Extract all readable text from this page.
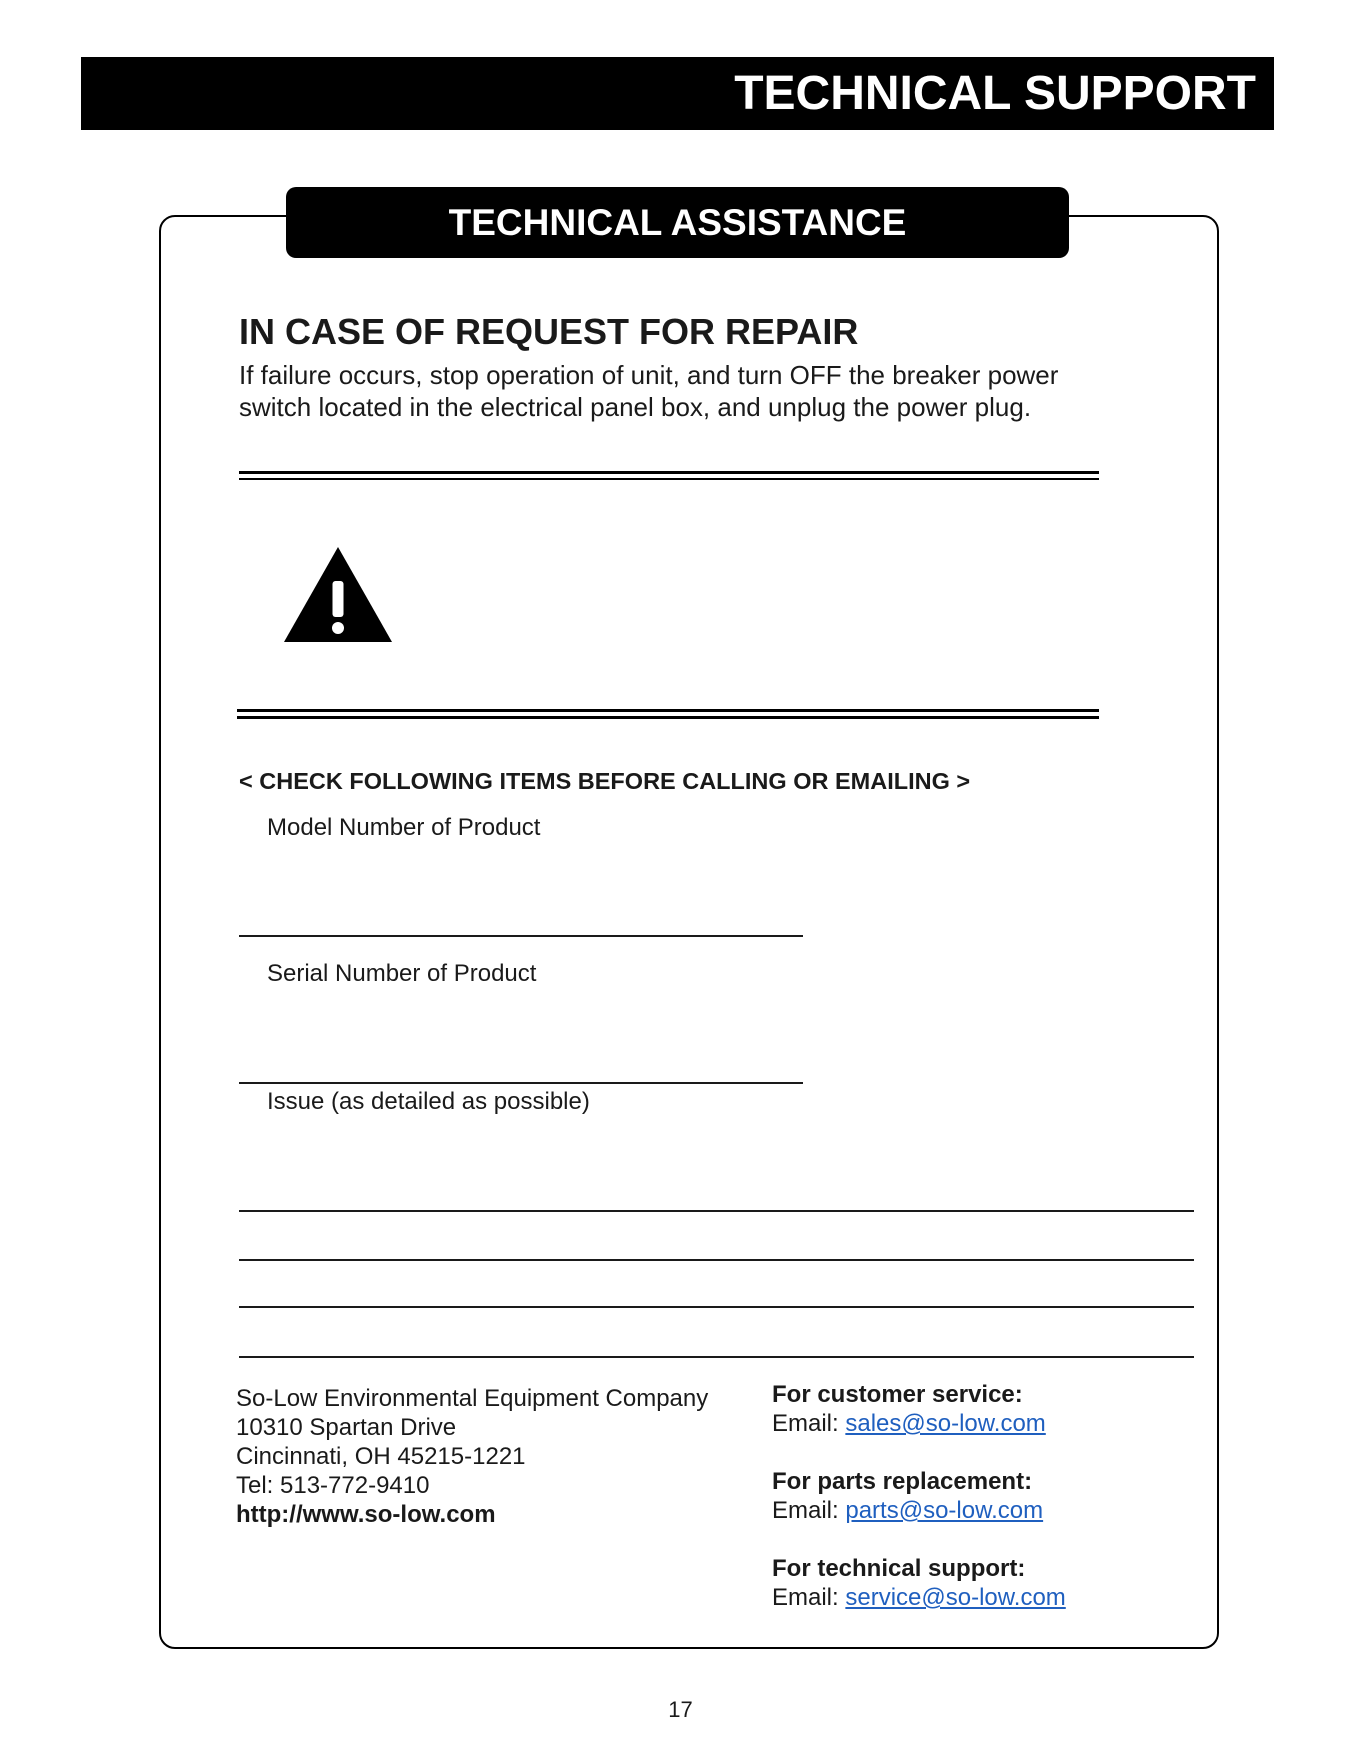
TECHNICAL SUPPORT
TECHNICAL ASSISTANCE
IN CASE OF REQUEST FOR REPAIR
If failure occurs, stop operation of unit, and turn OFF the breaker power
switch located in the electrical panel box, and unplug the power plug.
< CHECK FOLLOWING ITEMS BEFORE CALLING OR EMAILING >
Model Number of Product
Serial Number of Product
Issue (as detailed as possible)
So-Low Environmental Equipment Company
10310 Spartan Drive
Cincinnati, OH 45215-1221
Tel: 513-772-9410
http://www.so-low.com
For customer service:
Email: sales@so-low.com
For parts replacement:
Email: parts@so-low.com
For technical support:
Email: service@so-low.com
17
